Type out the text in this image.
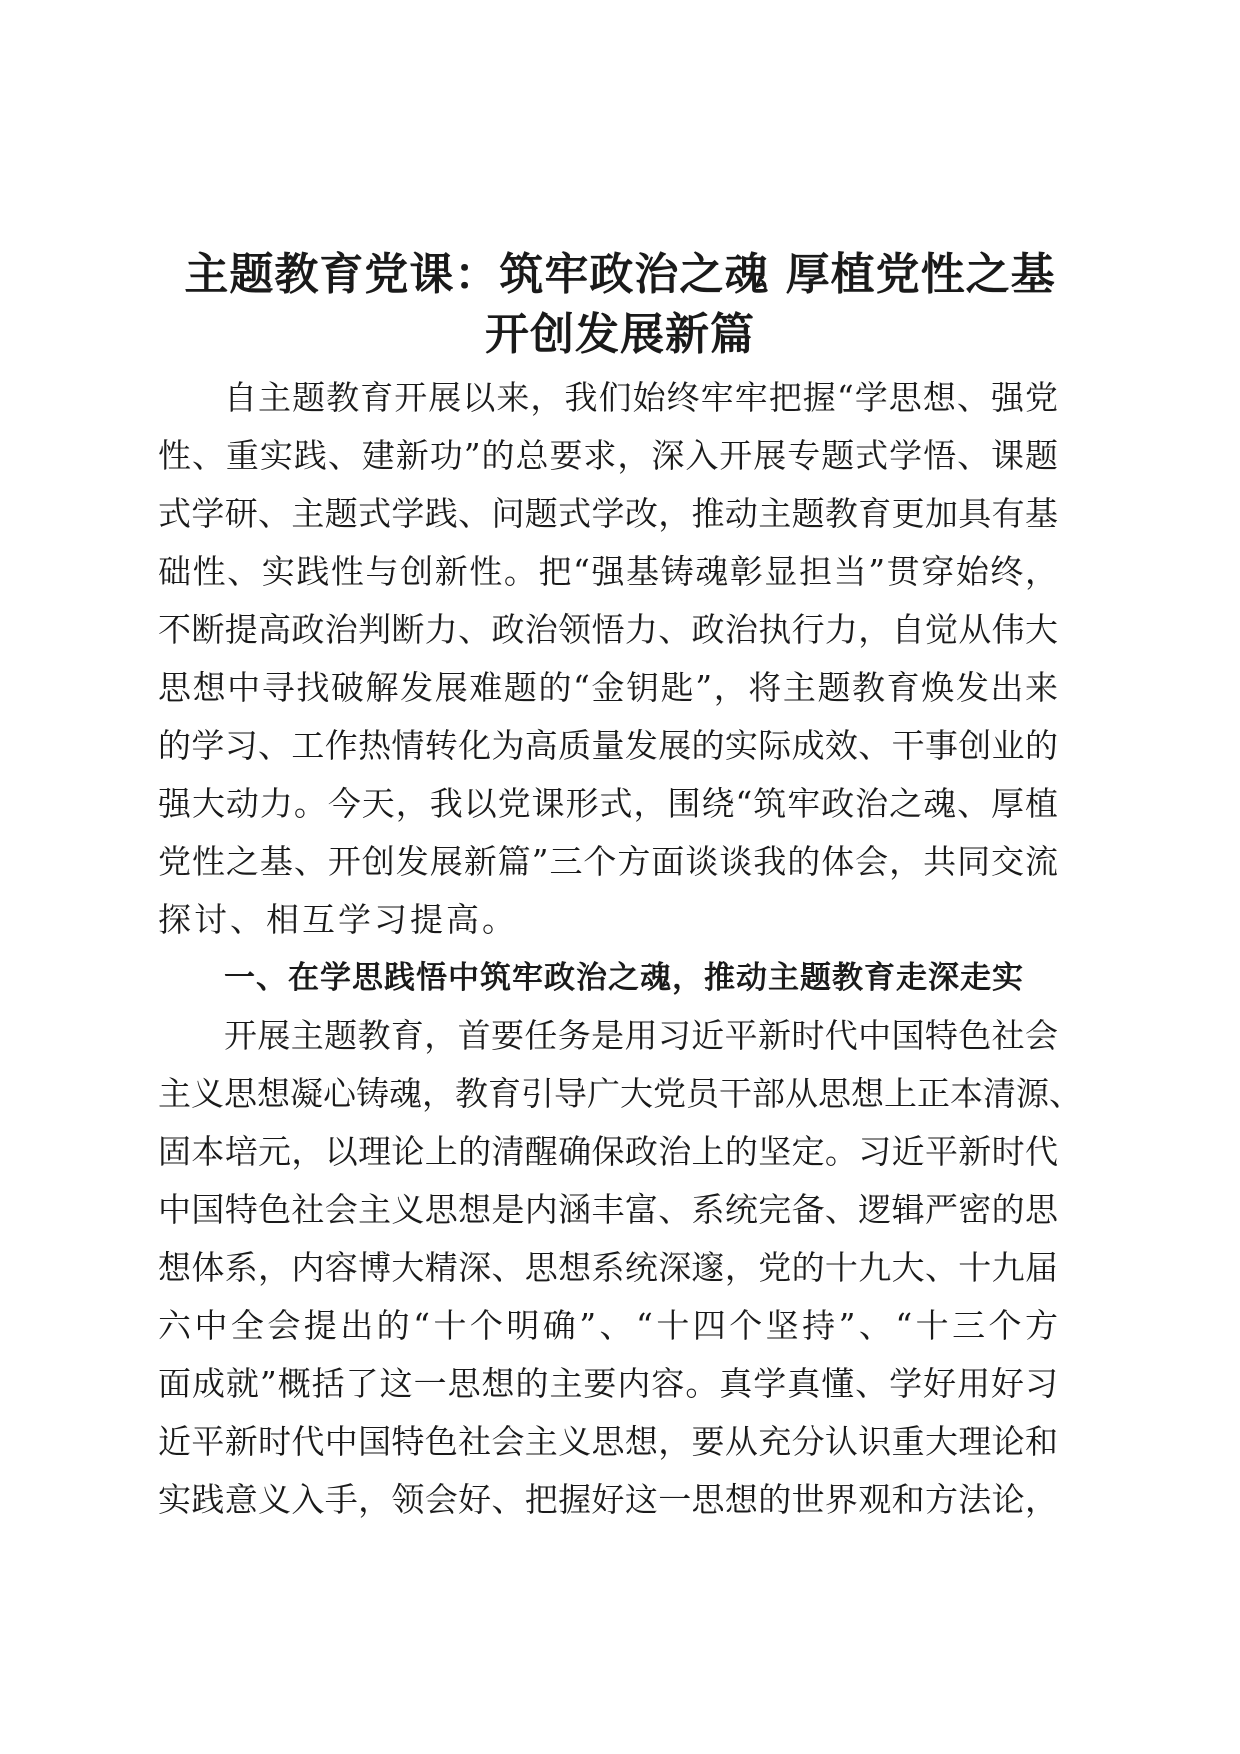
主题教育党课：筑牢政治之魂 厚植党性之基
开创发展新篇

自主题教育开展以来，我们始终牢牢把握“学思想、强党

性、重实践、建新功”的总要求，深入开展专题式学悟、课题

式学研、主题式学践、问题式学改，推动主题教育更加具有基

础性、实践性与创新性。把“强基铸魂彰显担当”贯穿始终，

不断提高政治判断力、政治领悟力、政治执行力，自觉从伟大

思想中寻找破解发展难题的“金钥匙”，将主题教育焕发出来

的学习、工作热情转化为高质量发展的实际成效、干事创业的

强大动力。今天，我以党课形式，围绕“筑牢政治之魂、厚植

党性之基、开创发展新篇”三个方面谈谈我的体会，共同交流

探讨、相互学习提高。

一、在学思践悟中筑牢政治之魂，推动主题教育走深走实

开展主题教育，首要任务是用习近平新时代中国特色社会

主义思想凝心铸魂，教育引导广大党员干部从思想上正本清源、

固本培元，以理论上的清醒确保政治上的坚定。习近平新时代

中国特色社会主义思想是内涵丰富、系统完备、逻辑严密的思

想体系，内容博大精深、思想系统深邃，党的十九大、十九届

六中全会提出的“十个明确”、“十四个坚持”、“十三个方

面成就”概括了这一思想的主要内容。真学真懂、学好用好习

近平新时代中国特色社会主义思想，要从充分认识重大理论和

实践意义入手，领会好、把握好这一思想的世界观和方法论，
